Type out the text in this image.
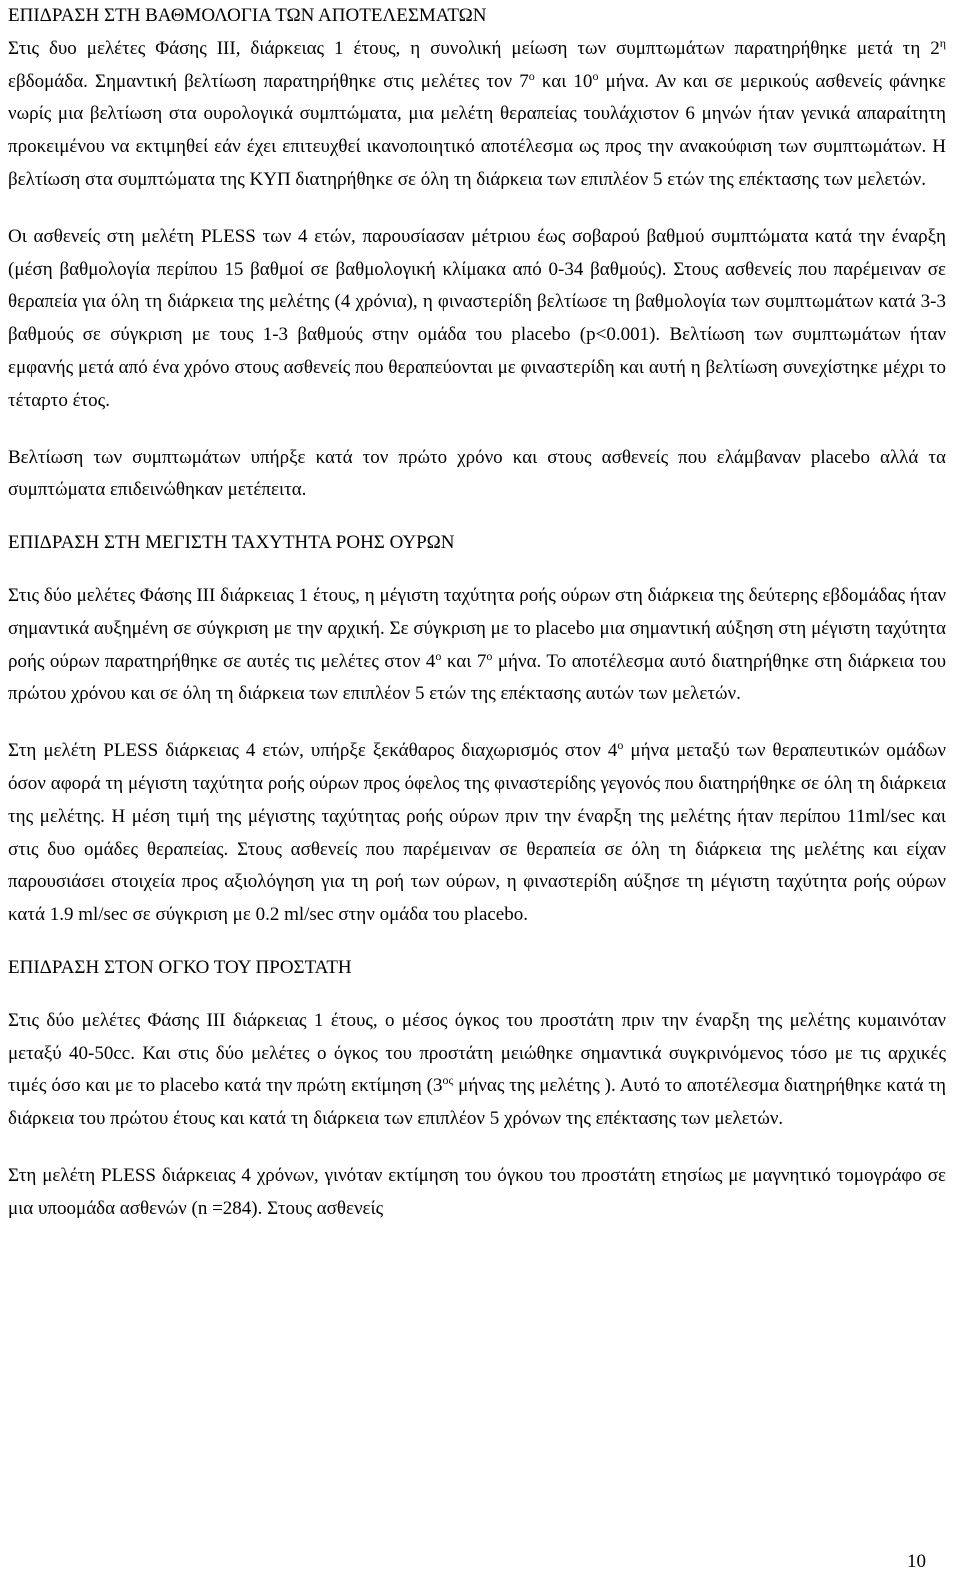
ΕΠΙΔΡΑΣΗ ΣΤΗ ΒΑΘΜΟΛΟΓΙΑ ΤΩΝ ΑΠΟΤΕΛΕΣΜΑΤΩΝ

Στις δυο μελέτες Φάσης ΙΙΙ, διάρκειας 1 έτους, η συνολική μείωση των συμπτωμάτων παρατηρήθηκε μετά τη $2^\eta$ εβδομάδα. Σημαντική βελτίωση παρατηρήθηκε στις μελέτες τον $7^o$ και $10^o$ μήνα. Αν και σε μερικούς ασθενείς φάνηκε νωρίς μια βελτίωση στα ουρολογικά συμπτώματα, μια μελέτη θεραπείας τουλάχιστον 6 μηνών ήταν γενικά απαραίτητη προκειμένου να εκτιμηθεί εάν έχει επιτευχθεί ικανοποιητικό αποτέλεσμα ως προς την ανακούφιση των συμπτωμάτων. Η βελτίωση στα συμπτώματα της ΚΥΠ διατηρήθηκε σε όλη τη διάρκεια των επιπλέον 5 ετών της επέκτασης των μελετών.

Οι ασθενείς στη μελέτη PLESS των 4 ετών, παρουσίασαν μέτριου έως σοβαρού βαθμού συμπτώματα κατά την έναρξη (μέση βαθμολογία περίπου 15 βαθμοί σε βαθμολογική κλίμακα από 0-34 βαθμούς). Στους ασθενείς που παρέμειναν σε θεραπεία για όλη τη διάρκεια της μελέτης (4 χρόνια), η φιναστερίδη βελτίωσε τη βαθμολογία των συμπτωμάτων κατά 3-3 βαθμούς σε σύγκριση με τους 1-3 βαθμούς στην ομάδα του placebo (p<0.001). Βελτίωση των συμπτωμάτων ήταν εμφανής μετά από ένα χρόνο στους ασθενείς που θεραπεύονται με φιναστερίδη και αυτή η βελτίωση συνεχίστηκε μέχρι το τέταρτο έτος.

Βελτίωση των συμπτωμάτων υπήρξε κατά τον πρώτο χρόνο και στους ασθενείς που ελάμβαναν placebo αλλά τα συμπτώματα επιδεινώθηκαν μετέπειτα.

ΕΠΙΔΡΑΣΗ ΣΤΗ ΜΕΓΙΣΤΗ ΤΑΧΥΤΗΤΑ ΡΟΗΣ ΟΥΡΩΝ

Στις δύο μελέτες Φάσης ΙΙΙ διάρκειας 1 έτους, η μέγιστη ταχύτητα ροής ούρων στη διάρκεια της δεύτερης εβδομάδας ήταν σημαντικά αυξημένη σε σύγκριση με την αρχική. Σε σύγκριση με το placebo μια σημαντική αύξηση στη μέγιστη ταχύτητα ροής ούρων παρατηρήθηκε σε αυτές τις μελέτες στον $4^o$ και $7^o$ μήνα. Το αποτέλεσμα αυτό διατηρήθηκε στη διάρκεια του πρώτου χρόνου και σε όλη τη διάρκεια των επιπλέον 5 ετών της επέκτασης αυτών των μελετών.

Στη μελέτη PLESS διάρκειας 4 ετών, υπήρξε ξεκάθαρος διαχωρισμός στον $4^o$ μήνα μεταξύ των θεραπευτικών ομάδων όσον αφορά τη μέγιστη ταχύτητα ροής ούρων προς όφελος της φιναστερίδης γεγονός που διατηρήθηκε σε όλη τη διάρκεια της μελέτης. Η μέση τιμή της μέγιστης ταχύτητας ροής ούρων πριν την έναρξη της μελέτης ήταν περίπου 11ml/sec και στις δυο ομάδες θεραπείας. Στους ασθενείς που παρέμειναν σε θεραπεία σε όλη τη διάρκεια της μελέτης και είχαν παρουσιάσει στοιχεία προς αξιολόγηση για τη ροή των ούρων, η φιναστερίδη αύξησε τη μέγιστη ταχύτητα ροής ούρων κατά 1.9 ml/sec σε σύγκριση με 0.2 ml/sec στην ομάδα του placebo.

ΕΠΙΔΡΑΣΗ ΣΤΟΝ ΟΓΚΟ ΤΟΥ ΠΡΟΣΤΑΤΗ

Στις δύο μελέτες Φάσης ΙΙΙ διάρκειας 1 έτους, ο μέσος όγκος του προστάτη πριν την έναρξη της μελέτης κυμαινόταν μεταξύ 40-50cc. Και στις δύο μελέτες ο όγκος του προστάτη μειώθηκε σημαντικά συγκρινόμενος τόσο με τις αρχικές τιμές όσο και με το placebo κατά την πρώτη εκτίμηση ($3^{o\varsigma}$ μήνας της μελέτης ). Αυτό το αποτέλεσμα διατηρήθηκε κατά τη διάρκεια του πρώτου έτους και κατά τη διάρκεια των επιπλέον 5 χρόνων της επέκτασης των μελετών.

Στη μελέτη PLESS διάρκειας 4 χρόνων, γινόταν εκτίμηση του όγκου του προστάτη ετησίως με μαγνητικό τομογράφο σε μια υποομάδα ασθενών (n =284). Στους ασθενείς

10
